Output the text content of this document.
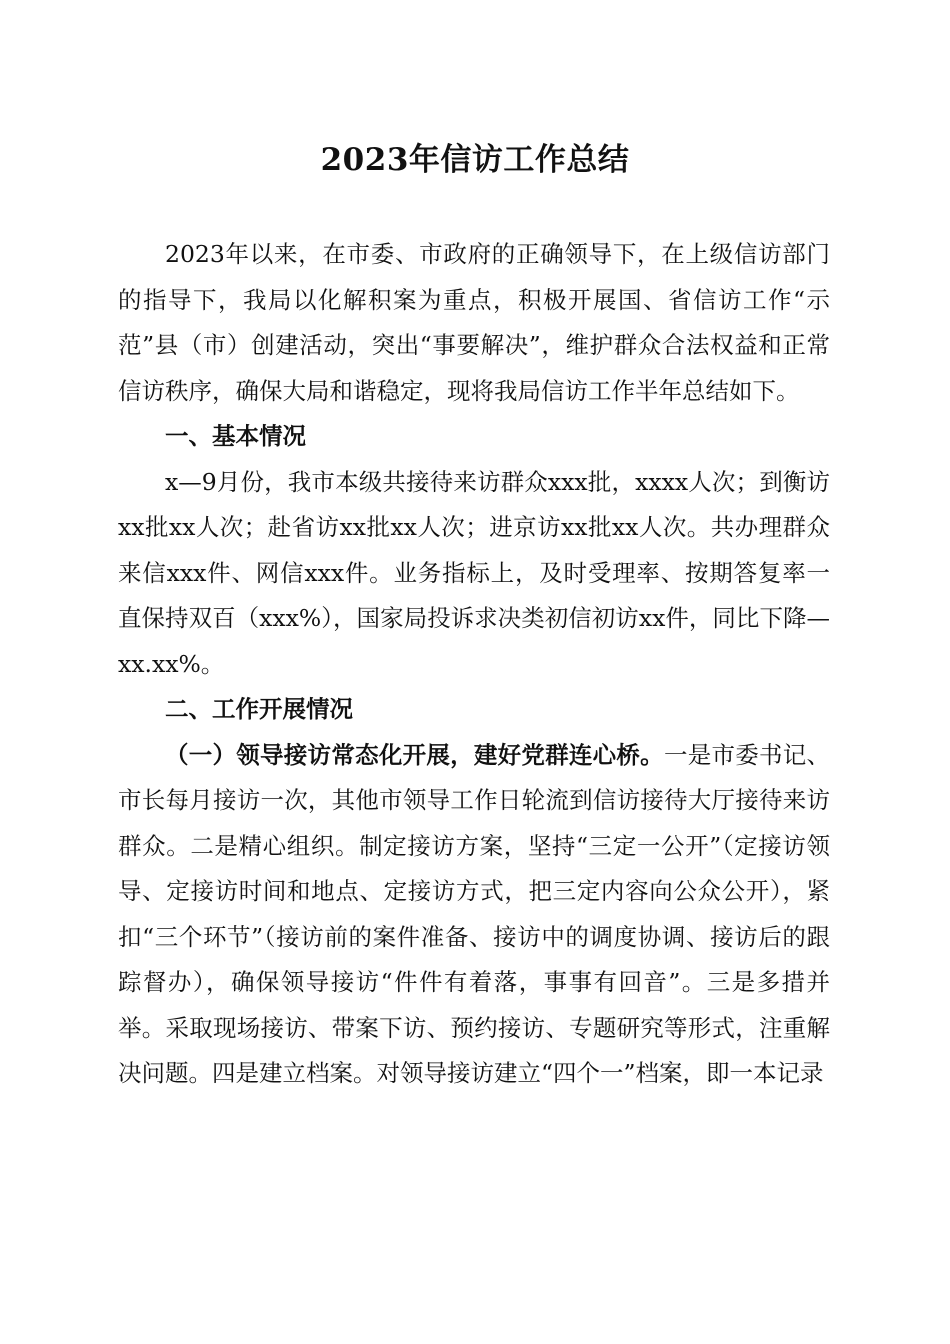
2023年信访工作总结

2023年以来，在市委、市政府的正确领导下，在上级信访部门的指导下，我局以化解积案为重点，积极开展国、省信访工作“示范”县（市）创建活动，突出“事要解决”，维护群众合法权益和正常信访秩序，确保大局和谐稳定，现将我局信访工作半年总结如下。

一、基本情况

x—9月份，我市本级共接待来访群众xxx批，xxxx人次；到衡访xx批xx人次；赴省访xx批xx人次；进京访xx批xx人次。共办理群众来信xxx件、网信xxx件。业务指标上，及时受理率、按期答复率一直保持双百（xxx%），国家局投诉求决类初信初访xx件，同比下降—xx.xx%。

二、工作开展情况

（一）领导接访常态化开展，建好党群连心桥。一是市委书记、市长每月接访一次，其他市领导工作日轮流到信访接待大厅接待来访群众。二是精心组织。制定接访方案，坚持“三定一公开”（定接访领导、定接访时间和地点、定接访方式，把三定内容向公众公开），紧扣“三个环节”（接访前的案件准备、接访中的调度协调、接访后的跟踪督办），确保领导接访“件件有着落，事事有回音”。三是多措并举。采取现场接访、带案下访、预约接访、专题研究等形式，注重解决问题。四是建立档案。对领导接访建立“四个一”档案，即一本记录
